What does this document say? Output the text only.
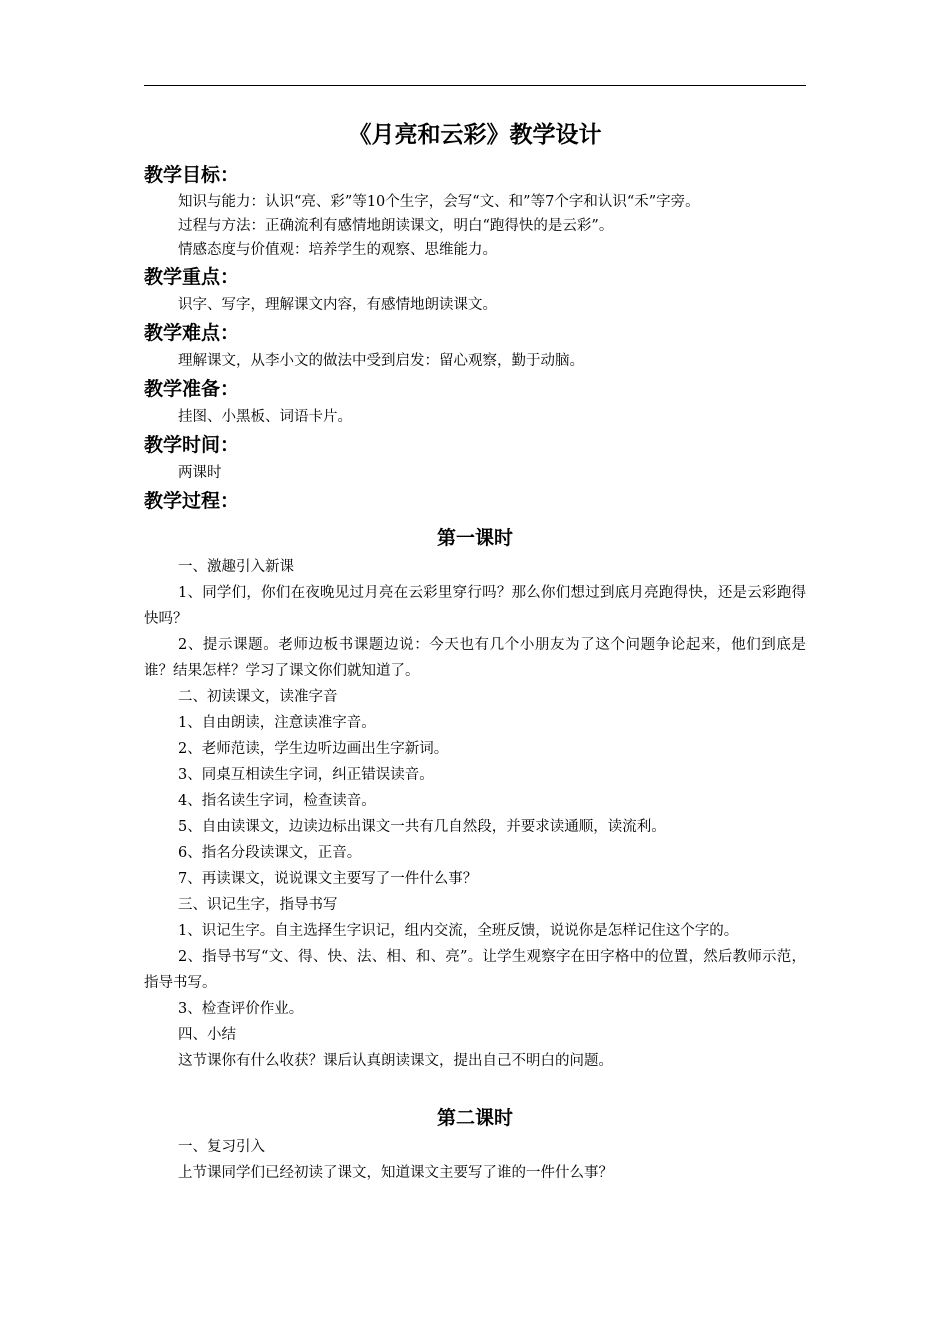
《月亮和云彩》教学设计
教学目标：
知识与能力：认识“亮、彩”等10个生字，会写“文、和”等7个字和认识“禾”字旁。
过程与方法：正确流利有感情地朗读课文，明白“跑得快的是云彩”。
情感态度与价值观：培养学生的观察、思维能力。
教学重点：
识字、写字，理解课文内容，有感情地朗读课文。
教学难点：
理解课文，从李小文的做法中受到启发：留心观察，勤于动脑。
教学准备：
挂图、小黑板、词语卡片。
教学时间：
两课时
教学过程：
第一课时
一、激趣引入新课
1、同学们，你们在夜晚见过月亮在云彩里穿行吗？那么你们想过到底月亮跑得快，还是云彩跑得快吗？
2、提示课题。老师边板书课题边说：今天也有几个小朋友为了这个问题争论起来，他们到底是谁？结果怎样？学习了课文你们就知道了。
二、初读课文，读准字音
1、自由朗读，注意读准字音。
2、老师范读，学生边听边画出生字新词。
3、同桌互相读生字词，纠正错误读音。
4、指名读生字词，检查读音。
5、自由读课文，边读边标出课文一共有几自然段，并要求读通顺，读流利。
6、指名分段读课文，正音。
7、再读课文，说说课文主要写了一件什么事？
三、识记生字，指导书写
1、识记生字。自主选择生字识记，组内交流，全班反馈，说说你是怎样记住这个字的。
2、指导书写“文、得、快、法、相、和、亮”。让学生观察字在田字格中的位置，然后教师示范，指导书写。
3、检查评价作业。
四、小结
这节课你有什么收获？课后认真朗读课文，提出自己不明白的问题。
第二课时
一、复习引入
上节课同学们已经初读了课文，知道课文主要写了谁的一件什么事？
